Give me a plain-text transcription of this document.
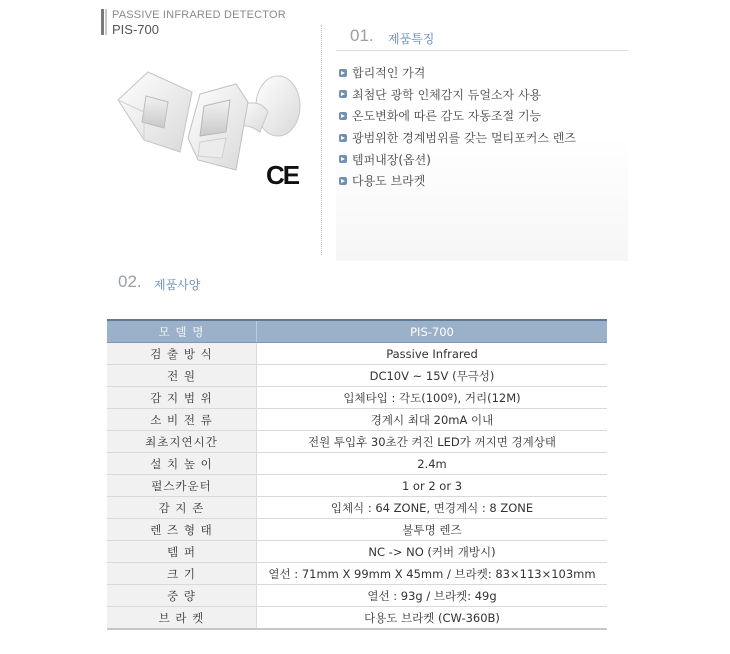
PASSIVE INFRARED DETECTOR
PIS-700
CE
01. 제품특징
합리적인 가격
최첨단 광학 인체감지 듀얼소자 사용
온도변화에 따른 감도 자동조절 기능
광범위한 경계범위를 갖는 멀티포커스 렌즈
템퍼내장(옵션)
다용도 브라켓
02. 제품사양
모 델 명	PIS-700
검 출 방 식	Passive Infrared
전 원	DC10V ~ 15V (무극성)
감 지 범 위	입체타입 : 각도(100º), 거리(12M)
소 비 전 류	경계시 최대 20mA 이내
최초지연시간	전원 투입후 30초간 켜진 LED가 꺼지면 경계상태
설 치 높 이	2.4m
펄스카운터	1 or 2 or 3
감 지 존	입체식 : 64 ZONE, 면경계식 : 8 ZONE
렌 즈 형 태	불투명 렌즈
템 퍼	NC -> NO (커버 개방시)
크 기	열선 : 71mm X 99mm X 45mm / 브라켓: 83×113×103mm
중 량	열선 : 93g / 브라켓: 49g
브 라 켓	다용도 브라켓 (CW-360B)
